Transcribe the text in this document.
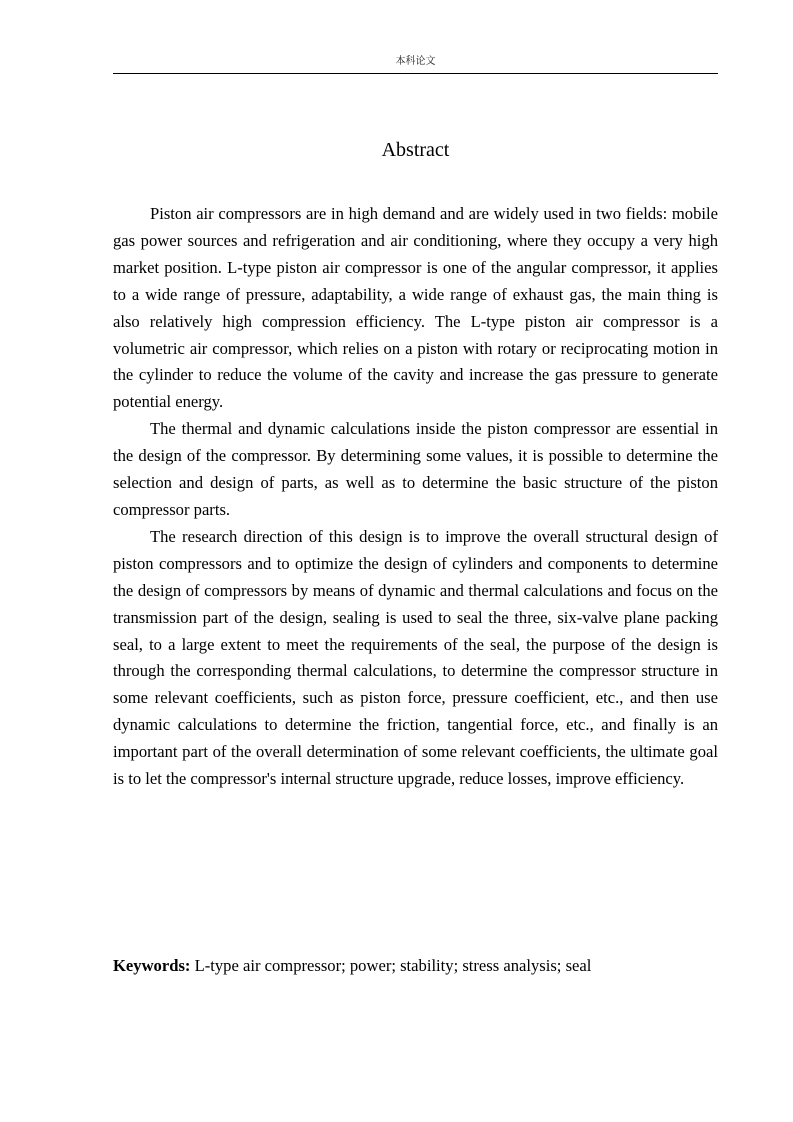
本科论文
Abstract

Piston air compressors are in high demand and are widely used in two fields: mobile gas power sources and refrigeration and air conditioning, where they occupy a very high market position. L-type piston air compressor is one of the angular compressor, it applies to a wide range of pressure, adaptability, a wide range of exhaust gas, the main thing is also relatively high compression efficiency. The L-type piston air compressor is a volumetric air compressor, which relies on a piston with rotary or reciprocating motion in the cylinder to reduce the volume of the cavity and increase the gas pressure to generate potential energy.

The thermal and dynamic calculations inside the piston compressor are essential in the design of the compressor. By determining some values, it is possible to determine the selection and design of parts, as well as to determine the basic structure of the piston compressor parts.

The research direction of this design is to improve the overall structural design of piston compressors and to optimize the design of cylinders and components to determine the design of compressors by means of dynamic and thermal calculations and focus on the transmission part of the design, sealing is used to seal the three, six-valve plane packing seal, to a large extent to meet the requirements of the seal, the purpose of the design is through the corresponding thermal calculations, to determine the compressor structure in some relevant coefficients, such as piston force, pressure coefficient, etc., and then use dynamic calculations to determine the friction, tangential force, etc., and finally is an important part of the overall determination of some relevant coefficients, the ultimate goal is to let the compressor's internal structure upgrade, reduce losses, improve efficiency.

Keywords: L-type air compressor; power; stability; stress analysis; seal
